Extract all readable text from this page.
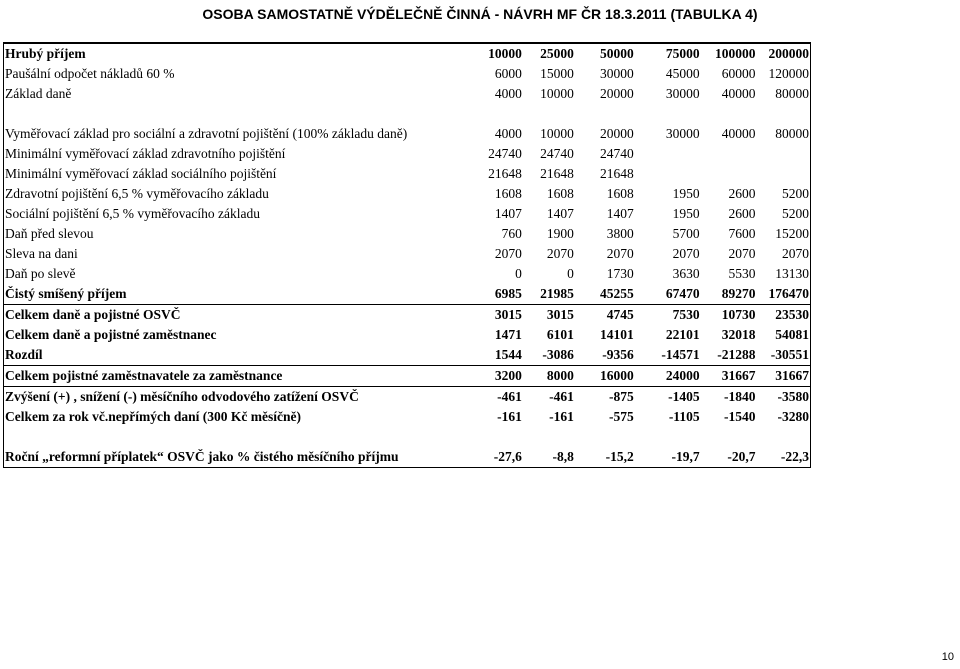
OSOBA SAMOSTATNĚ VÝDĚLEČNĚ ČINNÁ - NÁVRH MF ČR 18.3.2011 (TABULKA 4)
Hrubý příjem	10000	25000	50000	75000	100000	200000
Paušální odpočet nákladů 60 %	6000	15000	30000	45000	60000	120000
Základ daně	4000	10000	20000	30000	40000	80000
Vyměřovací základ pro sociální a zdravotní pojištění (100% základu daně)	4000	10000	20000	30000	40000	80000
Minimální vyměřovací základ zdravotního pojištění	24740	24740	24740			
Minimální vyměřovací základ sociálního pojištění	21648	21648	21648			
Zdravotní pojištění 6,5 % vyměřovacího základu	1608	1608	1608	1950	2600	5200
Sociální pojištění 6,5 % vyměřovacího základu	1407	1407	1407	1950	2600	5200
Daň před slevou	760	1900	3800	5700	7600	15200
Sleva na dani	2070	2070	2070	2070	2070	2070
Daň po slevě	0	0	1730	3630	5530	13130
Čistý smíšený příjem	6985	21985	45255	67470	89270	176470
Celkem daně a pojistné OSVČ	3015	3015	4745	7530	10730	23530
Celkem daně a pojistné zaměstnanec	1471	6101	14101	22101	32018	54081
Rozdíl	1544	-3086	-9356	-14571	-21288	-30551
Celkem pojistné zaměstnavatele za zaměstnance	3200	8000	16000	24000	31667	31667
Zvýšení (+) , snížení (-) měsíčního odvodového zatížení OSVČ	-461	-461	-875	-1405	-1840	-3580
Celkem za rok vč.nepřímých daní (300 Kč měsíčně)	-161	-161	-575	-1105	-1540	-3280
Roční „reformní příplatek“ OSVČ jako % čistého měsíčního příjmu	-27,6	-8,8	-15,2	-19,7	-20,7	-22,3
10
